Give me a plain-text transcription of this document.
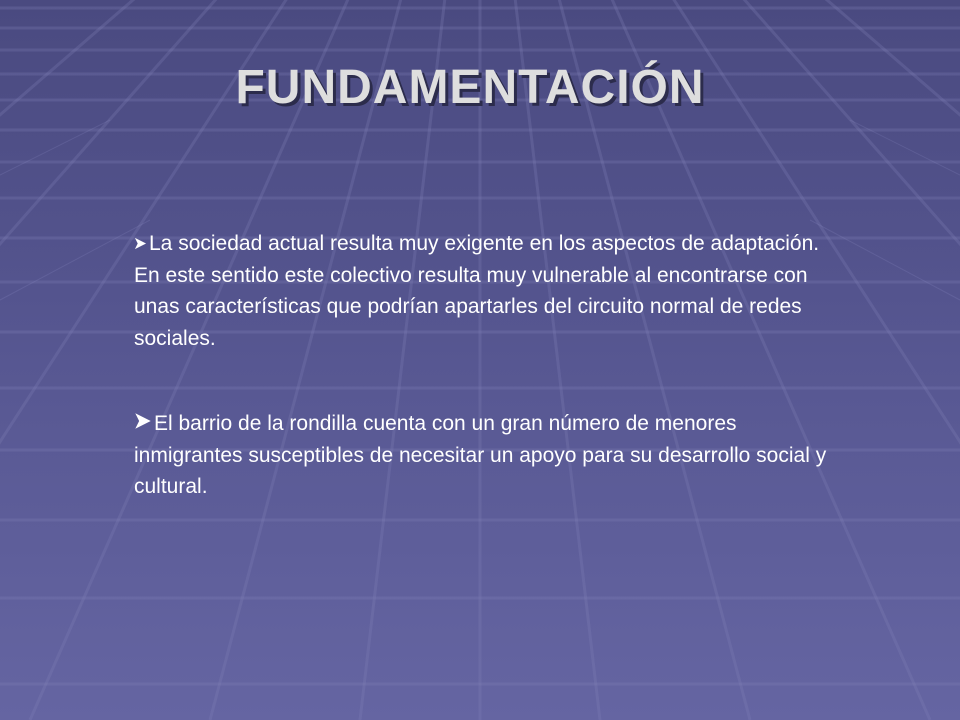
FUNDAMENTACIÓN

La sociedad actual resulta muy exigente en los aspectos de adaptación. En este sentido este colectivo resulta muy vulnerable al encontrarse con unas características que podrían apartarles del circuito normal de redes sociales.

El barrio de la rondilla cuenta con un gran número de menores inmigrantes susceptibles de necesitar un apoyo para su desarrollo social y cultural.
